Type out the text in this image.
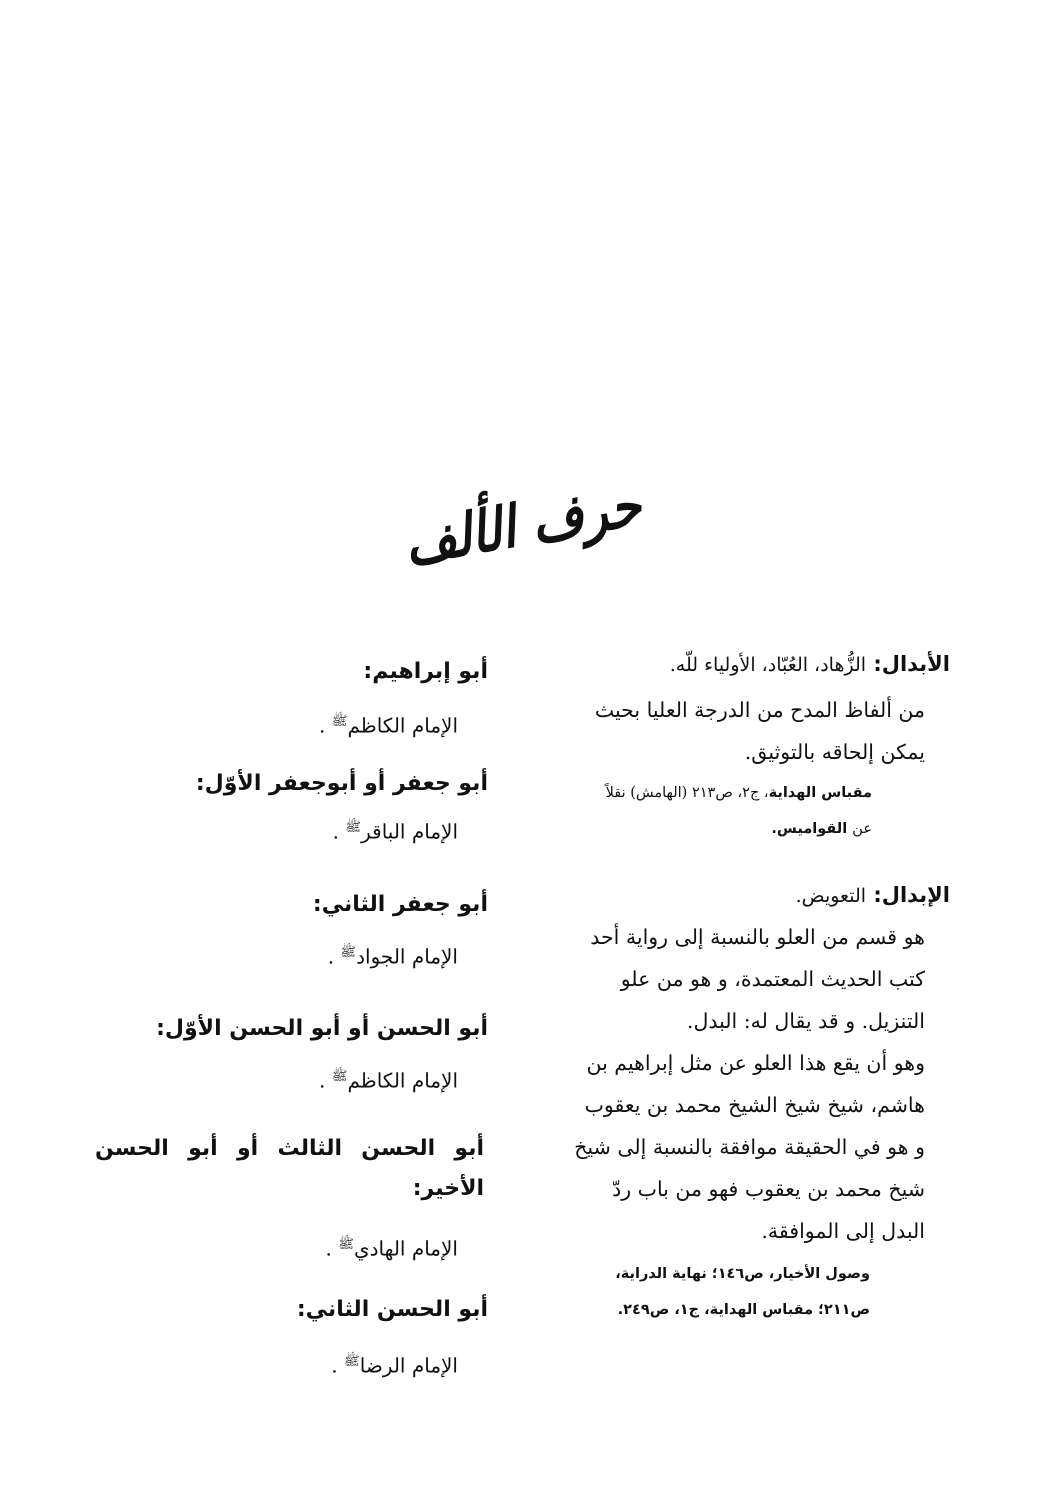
حرف الألف

الأبدال: الزُّهاد، العُبّاد، الأولياء للّه.

من ألفاظ المدح من الدرجة العليا بحيث

يمكن إلحاقه بالتوثيق.

مقباس الهداية، ج٢، ص٢١٣ (الهامش) نقلاً

عن القواميس.

الإبدال: التعويض.

هو قسم من العلو بالنسبة إلى رواية أحد

كتب الحديث المعتمدة، و هو من علو

التنزيل. و قد يقال له: البدل.

وهو أن يقع هذا العلو عن مثل إبراهيم بن

هاشم، شيخ شيخ الشيخ محمد بن يعقوب

و هو في الحقيقة موافقة بالنسبة إلى شيخ

شيخ محمد بن يعقوب فهو من باب ردّ

البدل إلى الموافقة.

وصول الأخيار، ص١٤٦؛ نهاية الدراية،

ص٢١١؛ مقباس الهداية، ج١، ص٢٤٩.

أبو إبراهيم:

الإمام الكاظم$^ﷺ$ .

أبو جعفر أو أبوجعفر الأوّل:

الإمام الباقر$^ﷺ$ .

أبو جعفر الثاني:

الإمام الجواد$^ﷺ$ .

أبو الحسن أو أبو الحسن الأوّل:

الإمام الكاظم$^ﷺ$ .

أبو الحسن الثالث أو أبو الحسن الأخير:

الإمام الهادي$^ﷺ$ .

أبو الحسن الثاني:

الإمام الرضا$^ﷺ$ .
